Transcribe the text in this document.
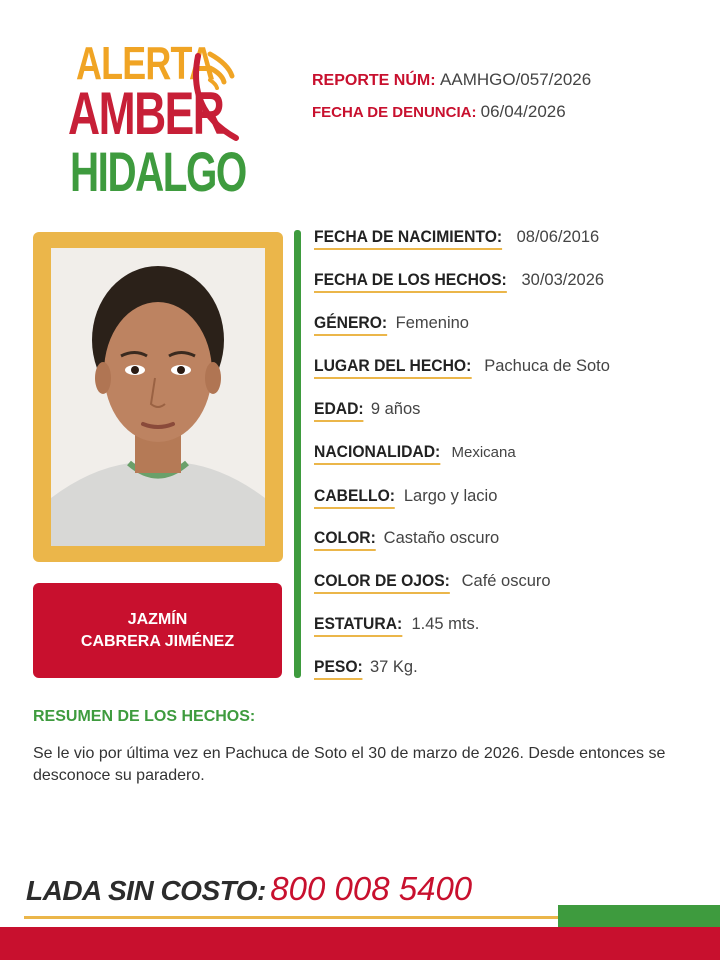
ALERTA
AMBER
HIDALGO
REPORTE NÚM: AAMHGO/057/2026
FECHA DE DENUNCIA: 06/04/2026
JAZMÍN
CABRERA JIMÉNEZ
FECHA DE NACIMIENTO: 08/06/2016
FECHA DE LOS HECHOS: 30/03/2026
GÉNERO: Femenino
LUGAR DEL HECHO: Pachuca de Soto
EDAD: 9 años
NACIONALIDAD: Mexicana
CABELLO: Largo y lacio
COLOR: Castaño oscuro
COLOR DE OJOS: Café oscuro
ESTATURA: 1.45 mts.
PESO: 37 Kg.
RESUMEN DE LOS HECHOS:
Se le vio por última vez en Pachuca de Soto el 30 de marzo de 2026. Desde entonces se desconoce su paradero.
LADA SIN COSTO: 800 008 5400
